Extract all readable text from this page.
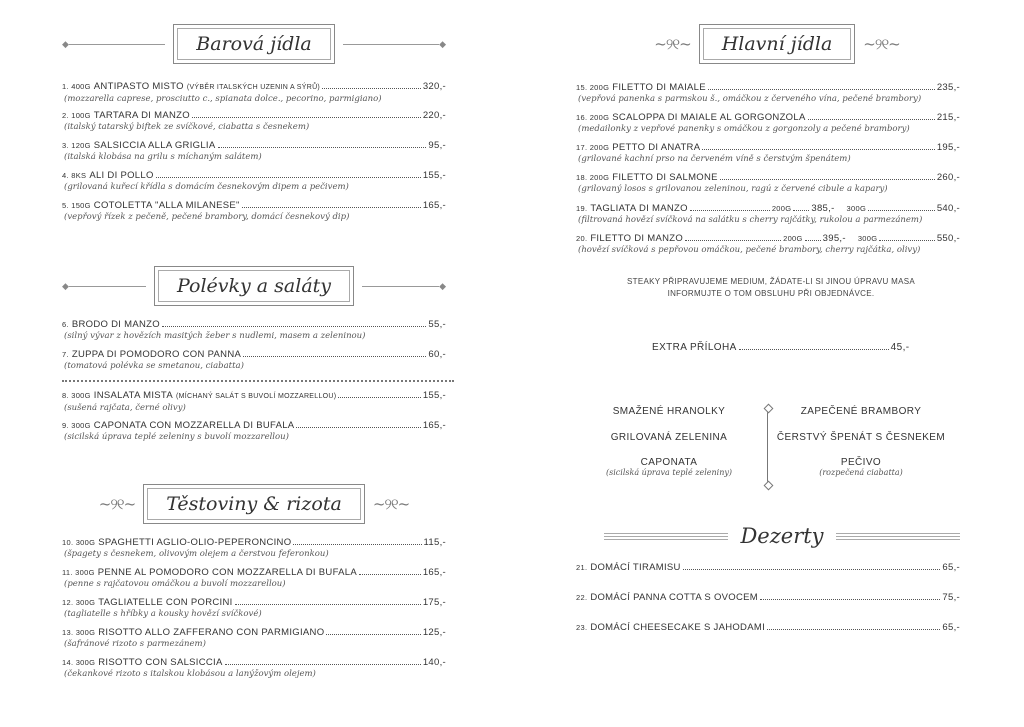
◆	Barová jídla	◆
1. 400G ANTIPASTO MISTO (VÝBĚR ITALSKÝCH UZENIN A SÝRŮ)	320,-
(mozzarella caprese, prosciutto c., spianata dolce., pecorino, parmigiano)
2. 100G TARTARA DI MANZO	220,-
(italský tatarský biftek ze svíčkové, ciabatta s česnekem)
3. 120G SALSICCIA ALLA GRIGLIA	95,-
(italská klobása na grilu s míchaným salátem)
4. 8KS ALI DI POLLO	155,-
(grilovaná kuřecí křídla s domácím česnekovým dipem a pečivem)
5. 150G COTOLETTA "ALLA MILANESE"	165,-
(vepřový řízek z pečeně, pečené brambory, domácí česnekový dip)
◆	Polévky a saláty	◆
6. BRODO DI MANZO	55,-
(silný vývar z hovězích masitých žeber s nudlemi, masem a zeleninou)
7. ZUPPA DI POMODORO CON PANNA	60,-
(tomatová polévka se smetanou, ciabatta)
8. 300G INSALATA MISTA (MÍCHANÝ SALÁT S BUVOLÍ MOZZARELLOU)	155,-
(sušená rajčata, černé olivy)
9. 300G CAPONATA CON MOZZARELLA DI BUFALA	165,-
(sicilská úprava teplé zeleniny s buvolí mozzarellou)
~୨୧~	Těstoviny & rizota	~୨୧~
10. 300G SPAGHETTI AGLIO-OLIO-PEPERONCINO	115,-
(špagety s česnekem, olivovým olejem a čerstvou feferonkou)
11. 300G PENNE AL POMODORO CON MOZZARELLA DI BUFALA	165,-
(penne s rajčatovou omáčkou a buvolí mozzarellou)
12. 300G TAGLIATELLE CON PORCINI	175,-
(tagliatelle s hříbky a kousky hovězí svíčkové)
13. 300G RISOTTO ALLO ZAFFERANO CON PARMIGIANO	125,-
(šafránové rizoto s parmezánem)
14. 300G RISOTTO CON SALSICCIA	140,-
(čekankové rizoto s italskou klobásou a lanýžovým olejem)
~୨୧~	Hlavní jídla	~୨୧~
15. 200G FILETTO DI MAIALE	235,-
(vepřová panenka s parmskou š., omáčkou z červeného vína, pečené brambory)
16. 200G SCALOPPA DI MAIALE AL GORGONZOLA	215,-
(medailonky z vepřové panenky s omáčkou z gorgonzoly a pečené brambory)
17. 200G PETTO DI ANATRA	195,-
(grilované kachní prso na červeném víně s čerstvým špenátem)
18. 200G FILETTO DI SALMONE	260,-
(grilovaný losos s grilovanou zeleninou, ragú z červené cibule a kapary)
19. TAGLIATA DI MANZO	200G 385,- 300G	540,-
(filtrovaná hovězí svíčková na salátku s cherry rajčátky, rukolou a parmezánem)
20. FILETTO DI MANZO	200G 395,- 300G	550,-
(hovězí svíčková s pepřovou omáčkou, pečené brambory, cherry rajčátka, olivy)
STEAKY PŘIPRAVUJEME MEDIUM, ŽÁDATE-LI SI JINOU ÚPRAVU MASA
INFORMUJTE O TOM OBSLUHU PŘI OBJEDNÁVCE.
EXTRA PŘÍLOHA	45,-
SMAŽENÉ HRANOLKY
GRILOVANÁ ZELENINA
CAPONATA
(sicilská úprava teplé zeleniny)
ZAPEČENÉ BRAMBORY
ČERSTVÝ ŠPENÁT S ČESNEKEM
PEČIVO
(rozpečená ciabatta)
Dezerty
21. DOMÁCÍ TIRAMISU	65,-
22. DOMÁCÍ PANNA COTTA S OVOCEM	75,-
23. DOMÁCÍ CHEESECAKE S JAHODAMI	65,-
